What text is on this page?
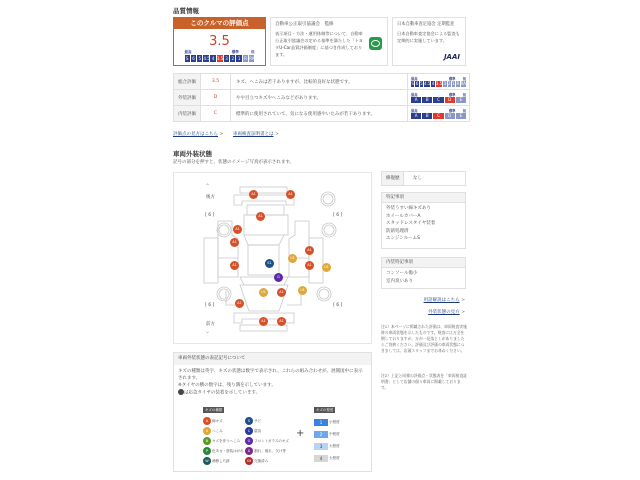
品質情報
このクルマの評価点
3.5
最高	標準	低
S 6 5 4.5 4 3.5 3 2 1 R RA
自動車公正取引協議会　監修
表示項目・方法・運用体制等について、自動車公正取引協議会の定める基準を満たした「トヨタU-Car品質評価制度」に基づき作成しております。
日本自動車査定協会 定期監査
日本自動車査定協会による監査も定期的に実施しています。
JAAI
総合評価	3.5	キズ、へこみは若干ありますが、比較的良好な状態です。	
最高	標準 低
S 6 5 4.5 4 3.5 3 2 1 R RA

外装評価	D	やや目立つキズやへこみなどがあります。	
最高	標準 低
A	B	C	D	E

内装評価	C	標準的に使用されていて、気になる使用感やいたみが若干あります。	
最高	標準 低
A	B	C	D	E
評価点の見方はこちら > 車両検査証明書とは >
車両外装状態
記号の部分を押すと、状態のイメージ写真が表示されます。
⌃
後方
前方
⌄
[ 6 ]	[ 6 ]
[ 6 ]	[ 6 ]
A1	A1
A1
A1
A1
A1
A1
U1
A1	U1
S1
G
U1
U1	A1
A1
A1	A1
修復歴	なし
特記事項
外装うすい線キズあり
ホイールカバーA
スタッドレスタイヤ装着
防錆処理済
エンジンルームS
内装特記事項
コンソール傷小
室内臭いあり
用語解説はこちら >
外装状態の見方 >
注1）本ページに掲載された評価は、車両検査実施時の車両状態を示したものです。検査には万全を期しておりますが、万が一見落としがありましたらご容赦ください。評価及び評価の車両状態につきましては、店頭スタッフまでお尋ねください。
注2）上記と同様の評価点・状態表を「車両検査証明書」として店舗の個々車両に掲載しております。
車両外装状態の表記記号について
キズの種類は英字、キズの状態は数字で表示され、これらの組み合わせが、展開図中に表示されます。
※タイヤの横の数字は、残り溝を示しています。
は応急タイヤの装着を示しています。
キズの種類
A 線キズ
U へこみ
B キズを伴うへこみ
P 色あせ・塗装はがれ
W 補修した跡
S サビ
C 腐食
G フロントガラスのキズ
X 割れ、破れ、欠け等
XX 交換済み
+
キズの程度
1 小程度
2 中程度
3 大程度
4 大程度
